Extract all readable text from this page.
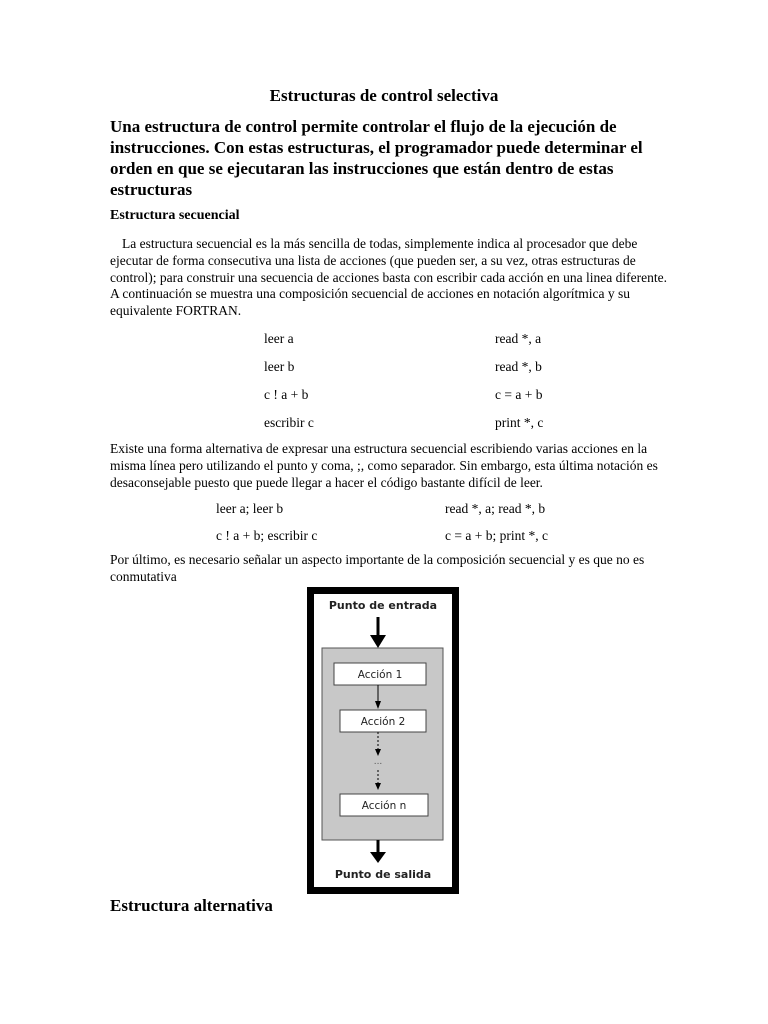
Estructuras de control selectiva
Una estructura de control permite controlar el flujo de la ejecución de instrucciones. Con estas estructuras, el programador puede determinar el orden en que se ejecutaran las instrucciones que están dentro de estas estructuras
Estructura secuencial
La estructura secuencial es la más sencilla de todas, simplemente indica al procesador que debe ejecutar de forma consecutiva una lista de acciones (que pueden ser, a su vez, otras estructuras de control); para construir una secuencia de acciones basta con escribir cada acción en una linea diferente. A continuación se muestra una composición secuencial de acciones en notación algorítmica y su equivalente FORTRAN.
leer a	read *, a
leer b	read *, b
c ! a + b	c = a + b
escribir c	print *, c
Existe una forma alternativa de expresar una estructura secuencial escribiendo varias acciones en la misma línea pero utilizando el punto y coma, ;, como separador. Sin embargo, esta última notación es desaconsejable puesto que puede llegar a hacer el código bastante difícil de leer.
leer a; leer b	read *, a; read *, b
c ! a + b; escribir c	c = a + b; print *, c
Por último, es necesario señalar un aspecto importante de la composición secuencial y es que no es conmutativa
Punto de entrada
Acción 1
Acción 2
...
Acción n
Punto de salida
Estructura alternativa
